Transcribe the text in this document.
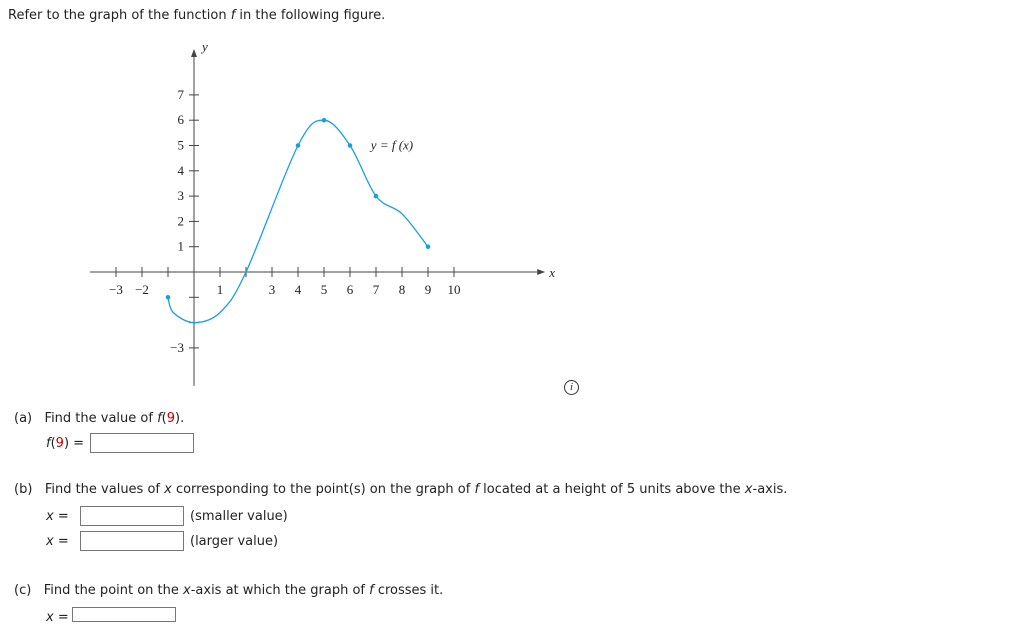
Refer to the graph of the function f in the following figure.
−3 −2	1	3 4 5 6 7 8 9 10
7
6
5
4
3
2
1
−3
y
x
y = f (x)
i
(a) Find the value of f(9).
f(9) =
(b) Find the values of x corresponding to the point(s) on the graph of f located at a height of 5 units above the x-axis.
x =	(smaller value)
x =	(larger value)
(c) Find the point on the x-axis at which the graph of f crosses it.
x =
